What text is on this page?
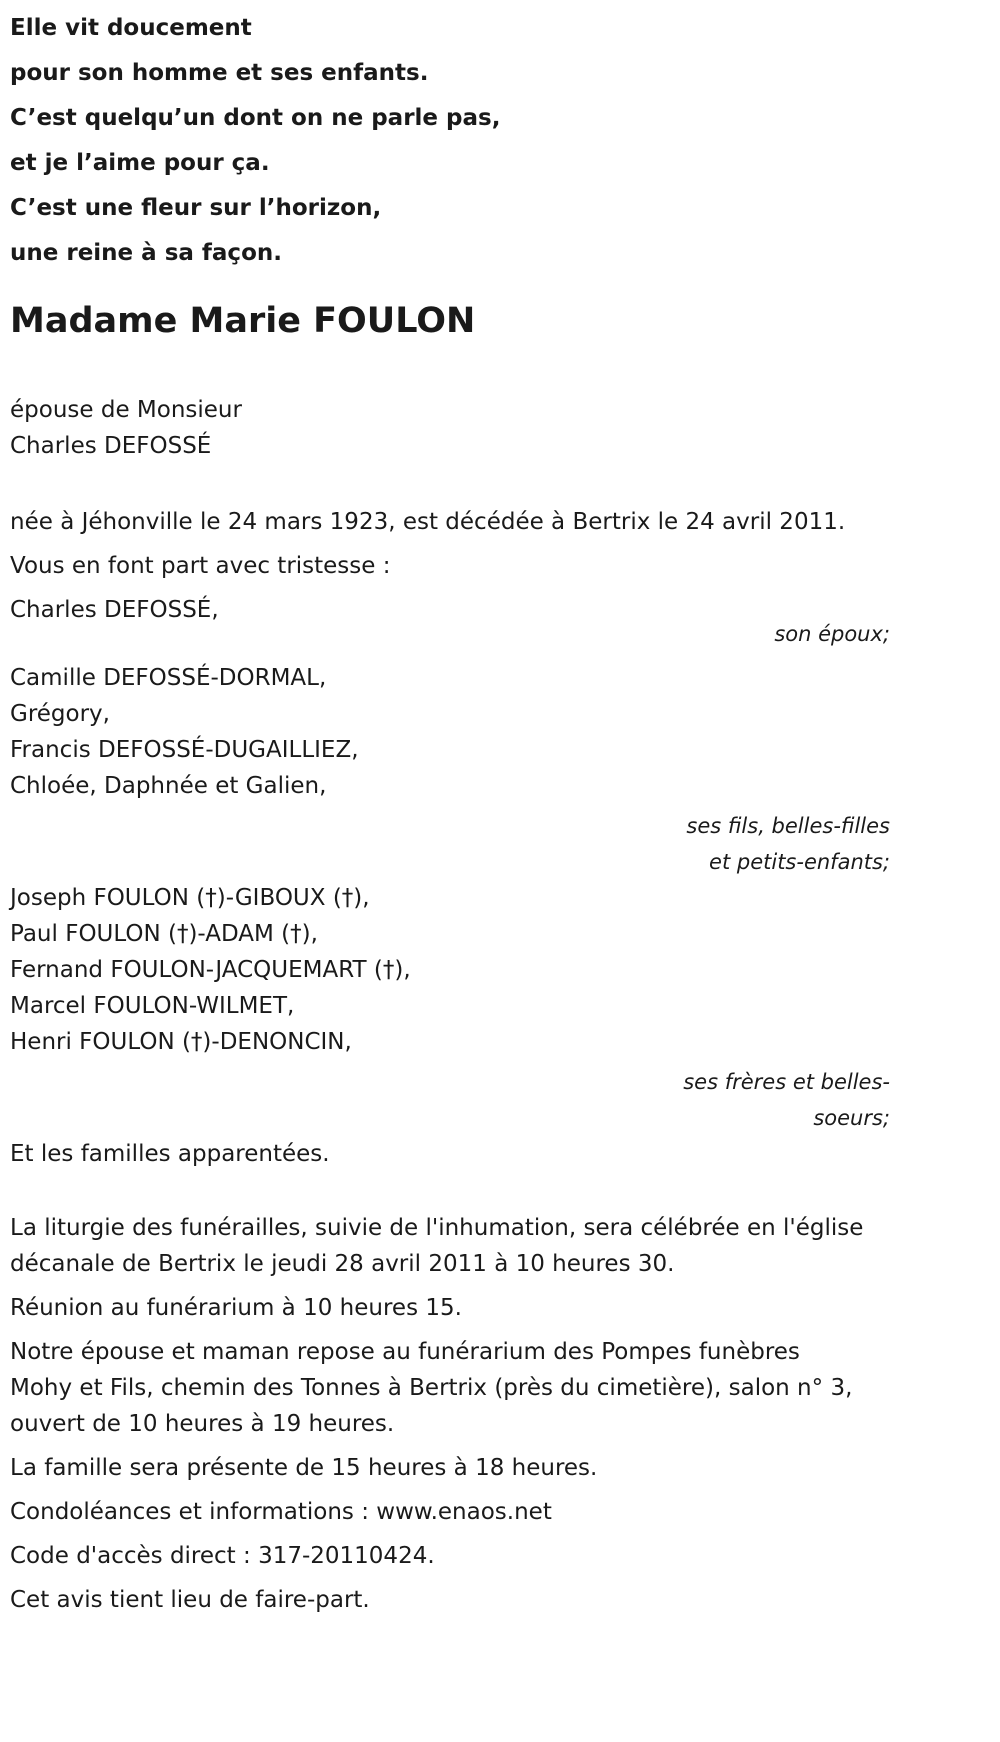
Elle vit doucement
pour son homme et ses enfants.
C’est quelqu’un dont on ne parle pas,
et je l’aime pour ça.
C’est une fleur sur l’horizon,
une reine à sa façon.
Madame Marie FOULON
épouse de Monsieur
Charles DEFOSSÉ
née à Jéhonville le 24 mars 1923, est décédée à Bertrix le 24 avril 2011.
Vous en font part avec tristesse :
Charles DEFOSSÉ,
son époux;
Camille DEFOSSÉ-DORMAL,
Grégory,
Francis DEFOSSÉ-DUGAILLIEZ,
Chloée, Daphnée et Galien,
ses fils, belles-filles
et petits-enfants;
Joseph FOULON (†)-GIBOUX (†),
Paul FOULON (†)-ADAM (†),
Fernand FOULON-JACQUEMART (†),
Marcel FOULON-WILMET,
Henri FOULON (†)-DENONCIN,
ses frères et belles-
soeurs;
Et les familles apparentées.
La liturgie des funérailles, suivie de l'inhumation, sera célébrée en l'église
décanale de Bertrix le jeudi 28 avril 2011 à 10 heures 30.
Réunion au funérarium à 10 heures 15.
Notre épouse et maman repose au funérarium des Pompes funèbres
Mohy et Fils, chemin des Tonnes à Bertrix (près du cimetière), salon n° 3,
ouvert de 10 heures à 19 heures.
La famille sera présente de 15 heures à 18 heures.
Condoléances et informations : www.enaos.net
Code d'accès direct : 317-20110424.
Cet avis tient lieu de faire-part.
